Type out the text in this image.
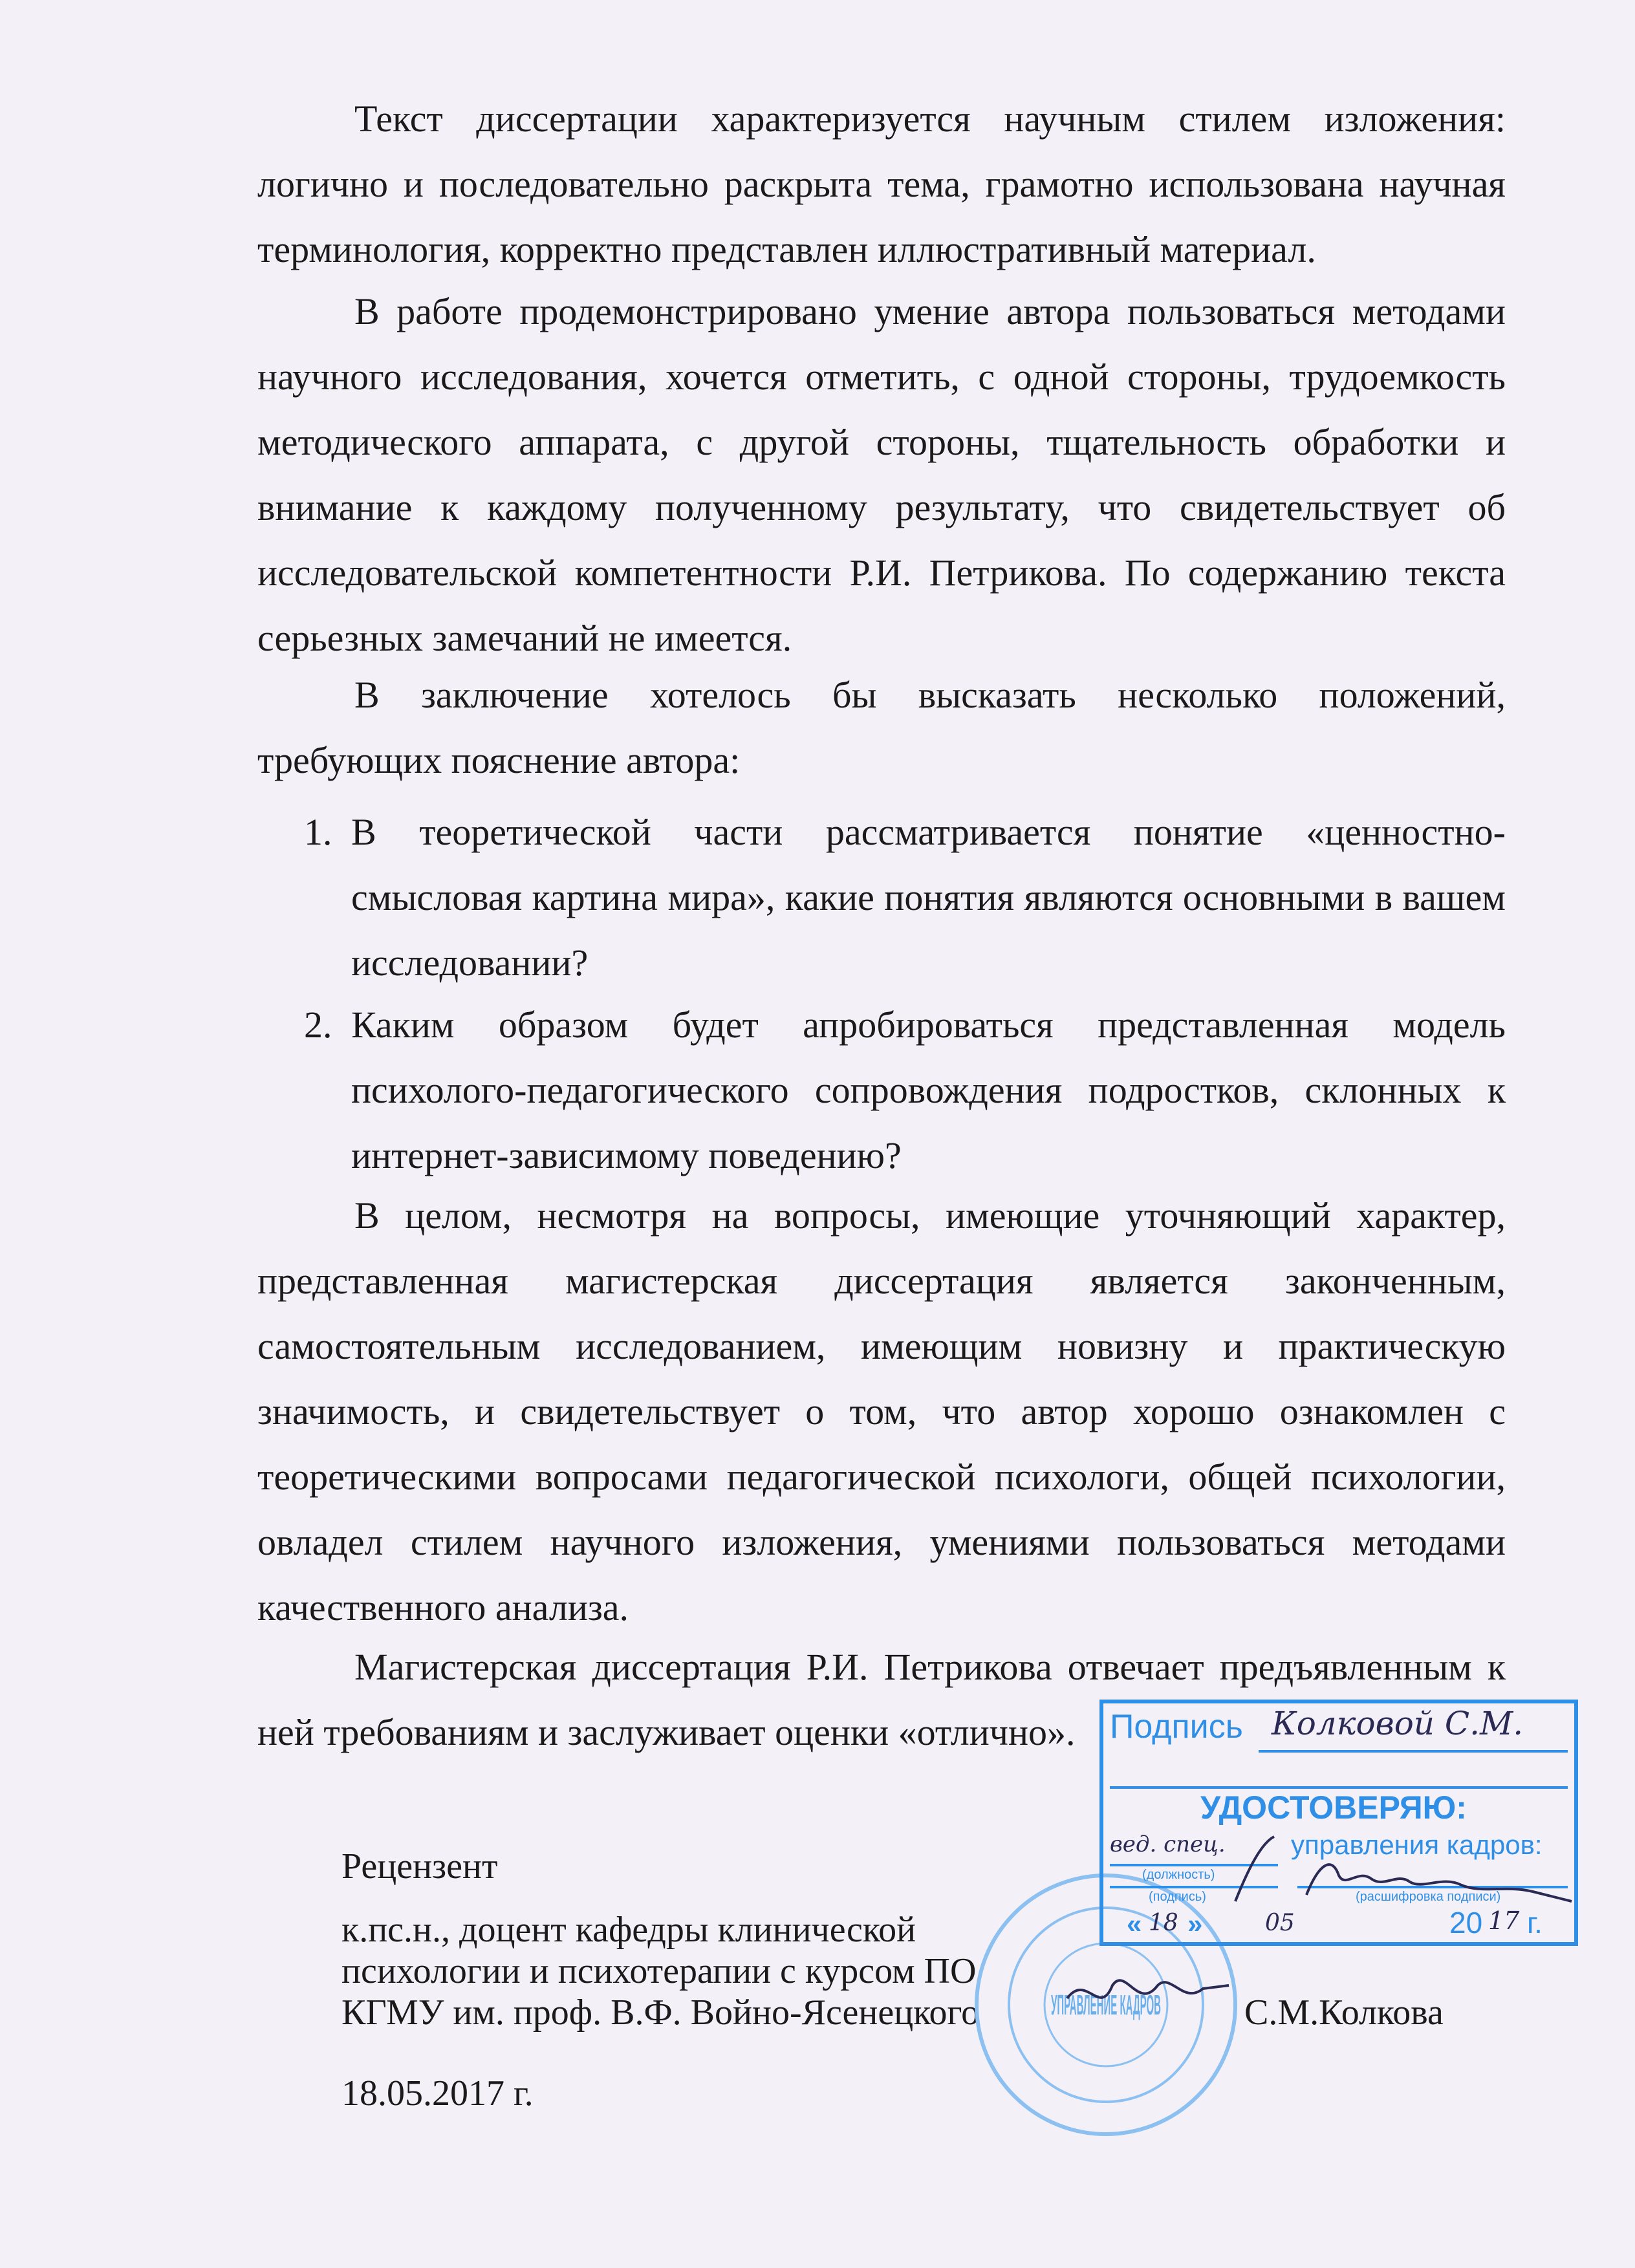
Текст диссертации характеризуется научным стилем изложения:
логично и последовательно раскрыта тема, грамотно использована научная
терминология, корректно представлен иллюстративный материал.
В работе продемонстрировано умение автора пользоваться методами
научного исследования, хочется отметить, с одной стороны, трудоемкость
методического аппарата, с другой стороны, тщательность обработки и
внимание к каждому полученному результату, что свидетельствует об
исследовательской компетентности Р.И. Петрикова. По содержанию текста
серьезных замечаний не имеется.
В заключение хотелось бы высказать несколько положений,
требующих пояснение автора:
1. В теоретической части рассматривается понятие «ценностно-
смысловая картина мира», какие понятия являются основными в вашем
исследовании?
2. Каким образом будет апробироваться представленная модель
психолого-педагогического сопровождения подростков, склонных к
интернет-зависимому поведению?
В целом, несмотря на вопросы, имеющие уточняющий характер,
представленная магистерская диссертация является законченным,
самостоятельным исследованием, имеющим новизну и практическую
значимость, и свидетельствует о том, что автор хорошо ознакомлен с
теоретическими вопросами педагогической психологи, общей психологии,
овладел стилем научного изложения, умениями пользоваться методами
качественного анализа.
Магистерская диссертация Р.И. Петрикова отвечает предъявленным к
ней требованиям и заслуживает оценки «отлично».
Рецензент
к.пс.н., доцент кафедры клинической
психологии и психотерапии с курсом ПО
КГМУ им. проф. В.Ф. Войно-Ясенецкого	С.М.Колкова
18.05.2017 г.
УПРАВЛЕНИЕ КАДРОВ
Подпись Колковой С.М.
УДОСТОВЕРЯЮ:
вед. спец. управления кадров:
(должность)
(подпись)	(расшифровка подписи)
« 18 »	05	20 17 г.
